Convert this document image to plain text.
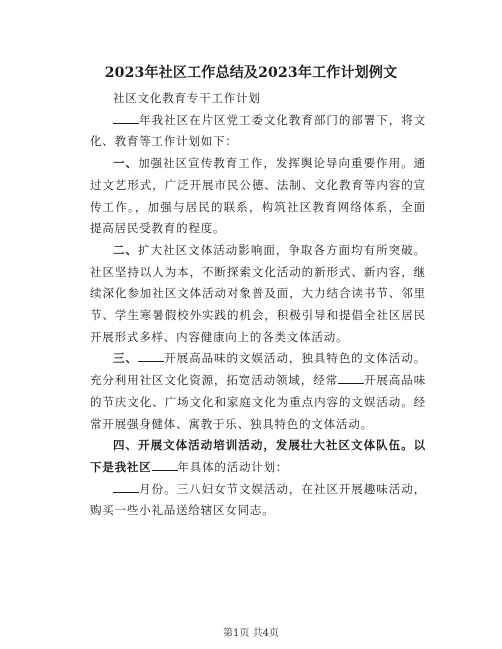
2023年社区工作总结及2023年工作计划例文

社区文化教育专干工作计划

年我社区在片区党工委文化教育部门的部署下，将文化、教育等工作计划如下：

一、加强社区宣传教育工作，发挥舆论导向重要作用。通过文艺形式，广泛开展市民公德、法制、文化教育等内容的宣传工作。，加强与居民的联系，构筑社区教育网络体系，全面提高居民受教育的程度。

二、扩大社区文体活动影响面，争取各方面均有所突破。社区坚持以人为本，不断探索文化活动的新形式、新内容，继续深化参加社区文体活动对象普及面，大力结合读书节、邻里节、学生寒暑假校外实践的机会，积极引导和提倡全社区居民开展形式多样、内容健康向上的各类文体活动。

三、 开展高品味的文娱活动，独具特色的文体活动。充分利用社区文化资源，拓宽活动领域，经常 开展高品味的节庆文化、广场文化和家庭文化为重点内容的文娱活动。经常开展强身健体、寓教于乐、独具特色的文体活动。

四、开展文体活动培训活动，发展壮大社区文体队伍。以下是我社区 年具体的活动计划：

月份。三八妇女节文娱活动，在社区开展趣味活动，购买一些小礼品送给辖区女同志。

第1页 共4页
